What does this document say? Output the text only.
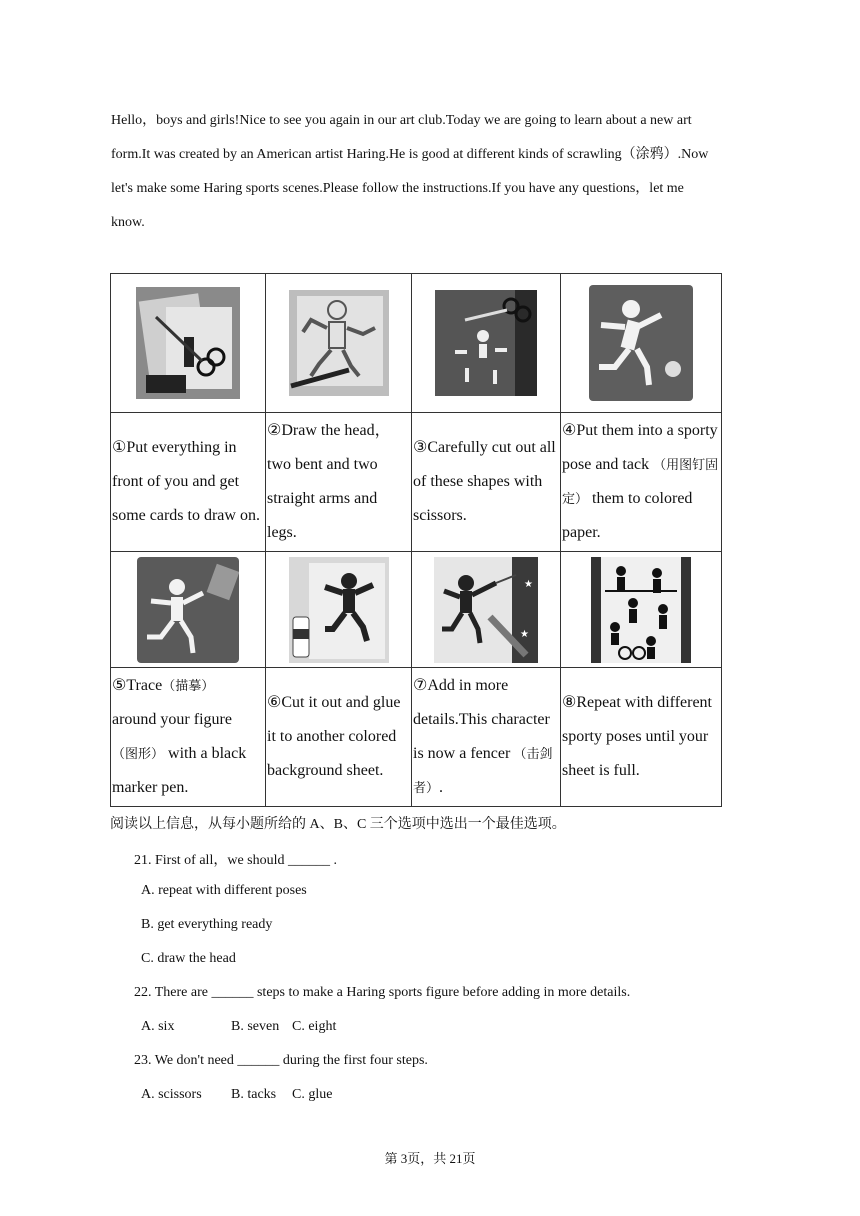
Hello，boys and girls!Nice to see you again in our art club.Today we are going to learn about a new art

form.It was created by an American artist Haring.He is good at different kinds of scrawling（涂鸦）.Now

let's make some Haring sports scenes.Please follow the instructions.If you have any questions，let me

know.

①Put everything in front of you and get some cards to draw on.	②Draw the head，two bent and two straight arms and legs.	③Carefully cut out all of these shapes with scissors.	④Put them into a sporty pose and tack （用图钉固定） them to colored paper.

★
★

⑤Trace（描摹）
around your figure
（图形） with a black marker pen.	⑥Cut it out and glue it to another colored background sheet.	⑦Add in more details.This character is now a fencer （击剑者）.	⑧Repeat with different sporty poses until your sheet is full.
阅读以上信息，从每小题所给的 A、B、C 三个选项中选出一个最佳选项。
21. First of all，we should ______ .
A. repeat with different poses
B. get everything ready
C. draw the head
22. There are ______ steps to make a Haring sports figure before adding in more details.
A. six	B. seven C. eight
23. We don't need ______ during the first four steps.
A. scissors B. tacks C. glue
第 3页，共 21页
